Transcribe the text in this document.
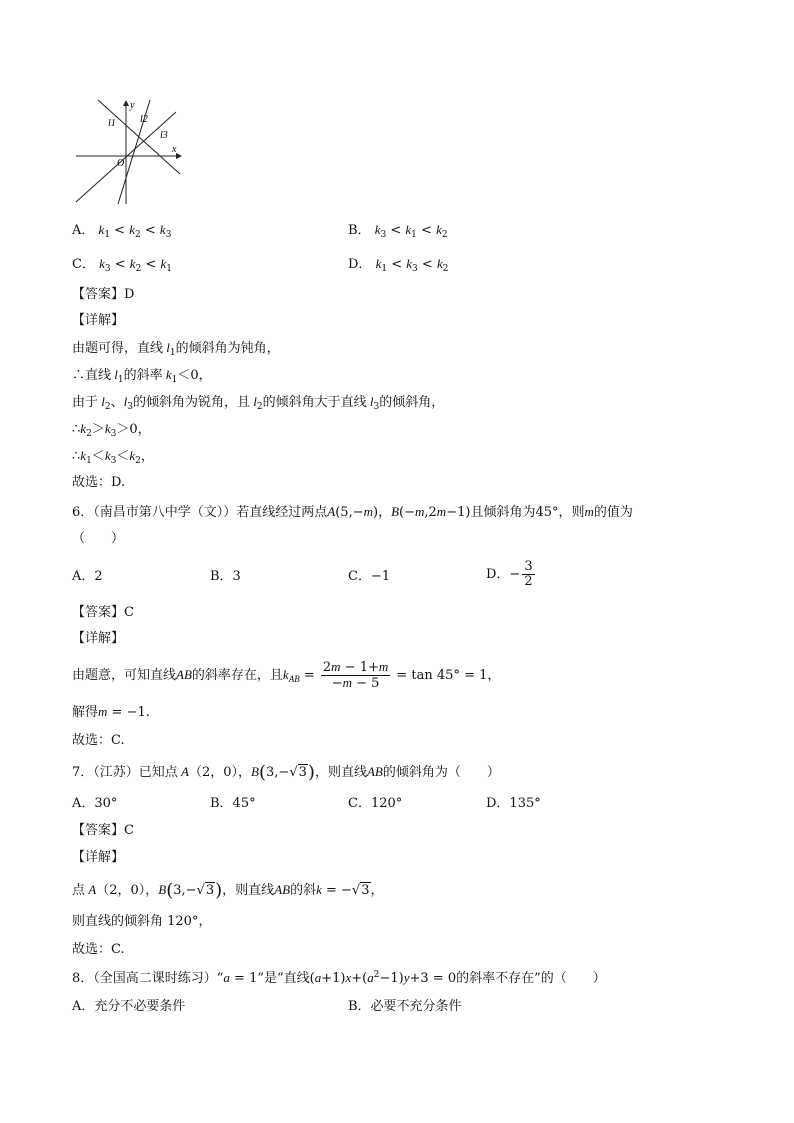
l1 l2
l3
x
y
O
A． $k_1 < k_2 < k_3$	B． $k_3 < k_1 < k_2$
C． $k_3 < k_2 < k_1$	D． $k_1 < k_3 < k_2$
【答案】D
【详解】
由题可得，直线 $l_1$的倾斜角为钝角，
∴直线 $l_1$的斜率 $k_1<0$，
由于 $l_2$、$l_3$的倾斜角为锐角，且 $l_2$的倾斜角大于直线 $l_3$的倾斜角，
$\therefore k_2>k_3>0$，
$\therefore k_1<k_3<k_2$，
故选：D.
6．（南昌市第八中学（文））若直线经过两点A(5,−m)，B(−m,2m−1)且倾斜角为45°，则m的值为
（　　）
A．2	B．3	C．−1	D．− $\frac{3}{2}$
【答案】C
【详解】
由题意，可知直线AB的斜率存在，且$k_{AB} = \frac{2m - 1+m}{-m - 5} = \tan 45^\circ = 1$，
解得m = −1.
故选：C.
7．（江苏）已知点 A（2，0），B(3,−√3)，则直线AB的倾斜角为（　　）
A．30°	B．45°	C．120°	D．135°
【答案】C
【详解】
点 A（2，0），B(3,−√3)，则直线AB的斜k = −√3，
则直线的倾斜角 120°，
故选：C.
8．（全国高二课时练习）“a = 1”是“直线$(a+1)x+(a^2-1)y+3 = 0$的斜率不存在”的（　　）
A．充分不必要条件	B．必要不充分条件
